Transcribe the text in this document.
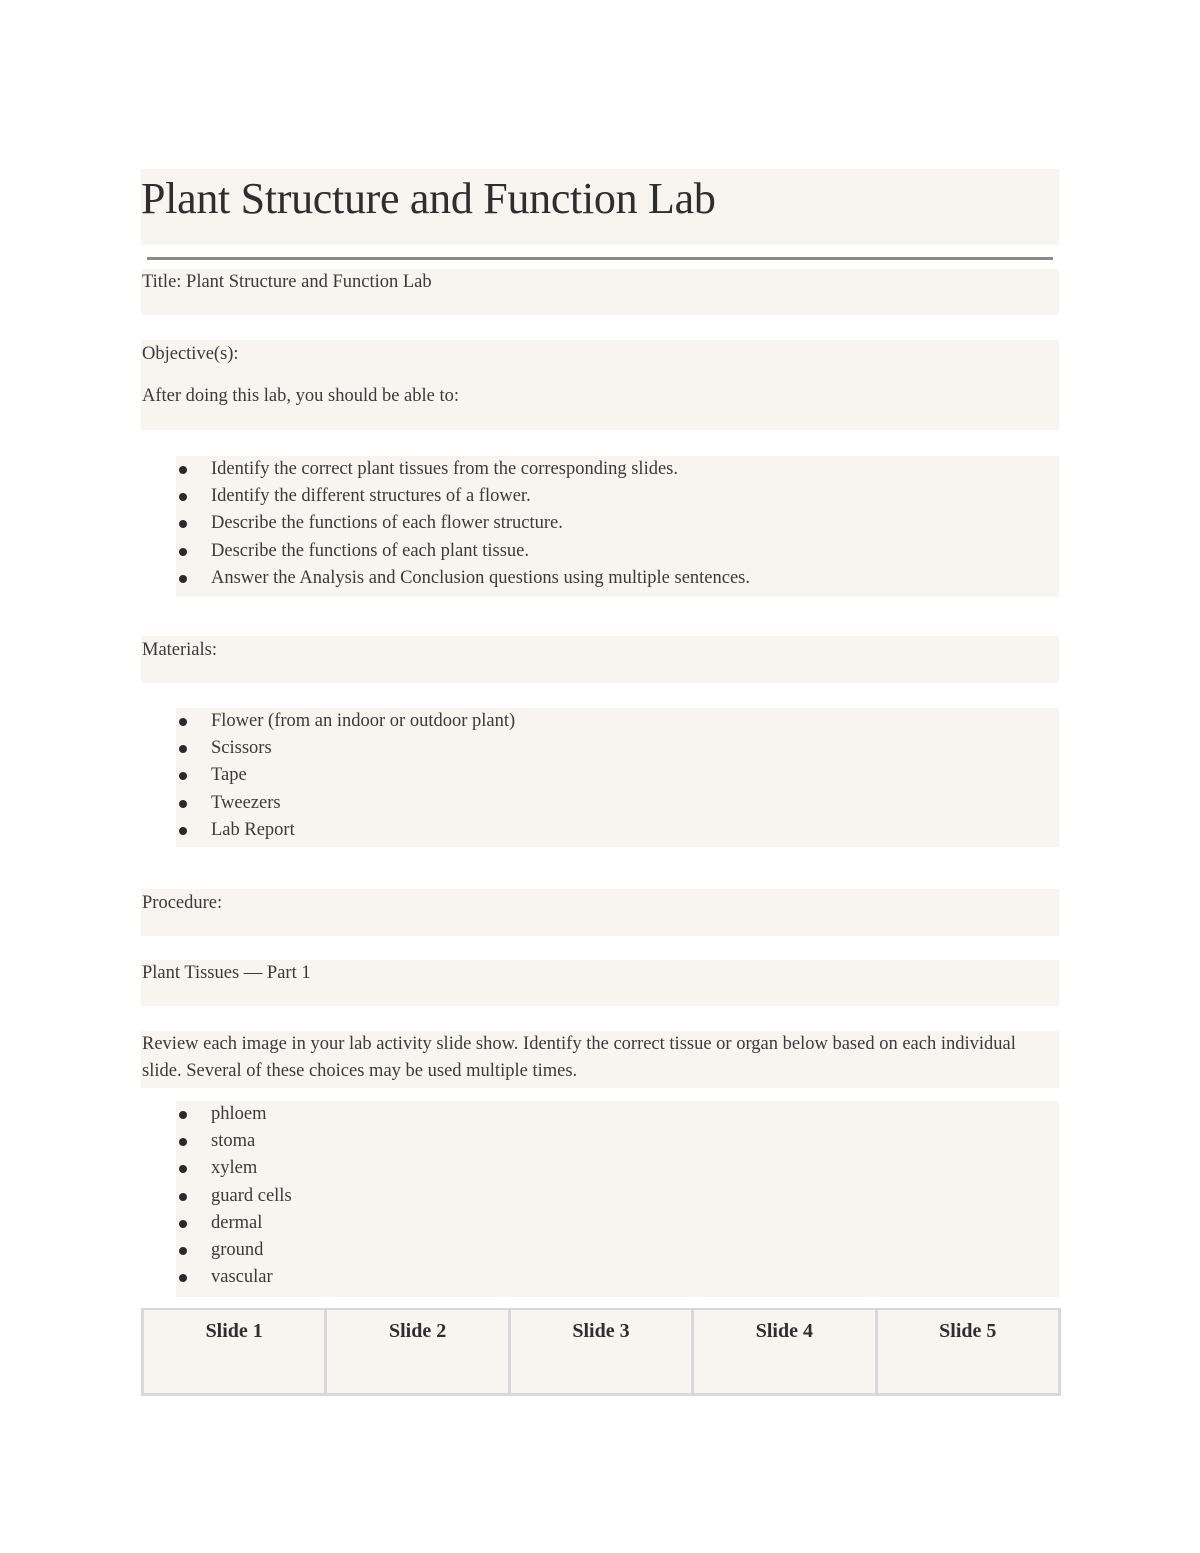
Plant Structure and Function Lab
Title: Plant Structure and Function Lab
Objective(s):
After doing this lab, you should be able to:
Identify the correct plant tissues from the corresponding slides.
Identify the different structures of a flower.
Describe the functions of each flower structure.
Describe the functions of each plant tissue.
Answer the Analysis and Conclusion questions using multiple sentences.
Materials:
Flower (from an indoor or outdoor plant)
Scissors
Tape
Tweezers
Lab Report
Procedure:
Plant Tissues — Part 1
Review each image in your lab activity slide show. Identify the correct tissue or organ below based on each individual slide. Several of these choices may be used multiple times.
phloem
stoma
xylem
guard cells
dermal
ground
vascular
Slide 1	Slide 2	Slide 3	Slide 4	Slide 5
